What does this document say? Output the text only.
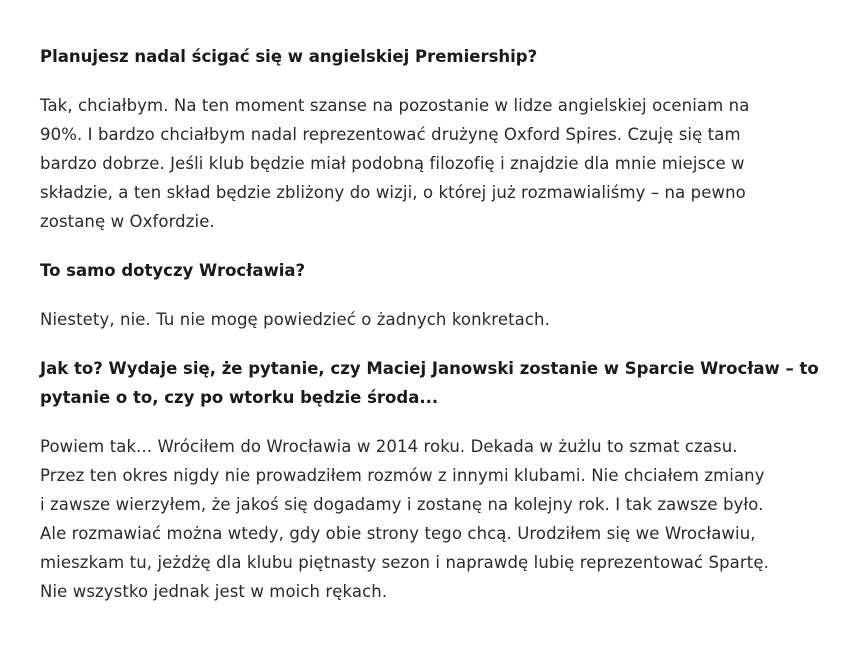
Planujesz nadal ścigać się w angielskiej Premiership?

Tak, chciałbym. Na ten moment szanse na pozostanie w lidze angielskiej oceniam na
90%. I bardzo chciałbym nadal reprezentować drużynę Oxford Spires. Czuję się tam
bardzo dobrze. Jeśli klub będzie miał podobną filozofię i znajdzie dla mnie miejsce w
składzie, a ten skład będzie zbliżony do wizji, o której już rozmawialiśmy – na pewno
zostanę w Oxfordzie.

To samo dotyczy Wrocławia?

Niestety, nie. Tu nie mogę powiedzieć o żadnych konkretach.

Jak to? Wydaje się, że pytanie, czy Maciej Janowski zostanie w Sparcie Wrocław – to
pytanie o to, czy po wtorku będzie środa...

Powiem tak... Wróciłem do Wrocławia w 2014 roku. Dekada w żużlu to szmat czasu.
Przez ten okres nigdy nie prowadziłem rozmów z innymi klubami. Nie chciałem zmiany
i zawsze wierzyłem, że jakoś się dogadamy i zostanę na kolejny rok. I tak zawsze było.
Ale rozmawiać można wtedy, gdy obie strony tego chcą. Urodziłem się we Wrocławiu,
mieszkam tu, jeżdżę dla klubu piętnasty sezon i naprawdę lubię reprezentować Spartę.
Nie wszystko jednak jest w moich rękach.
